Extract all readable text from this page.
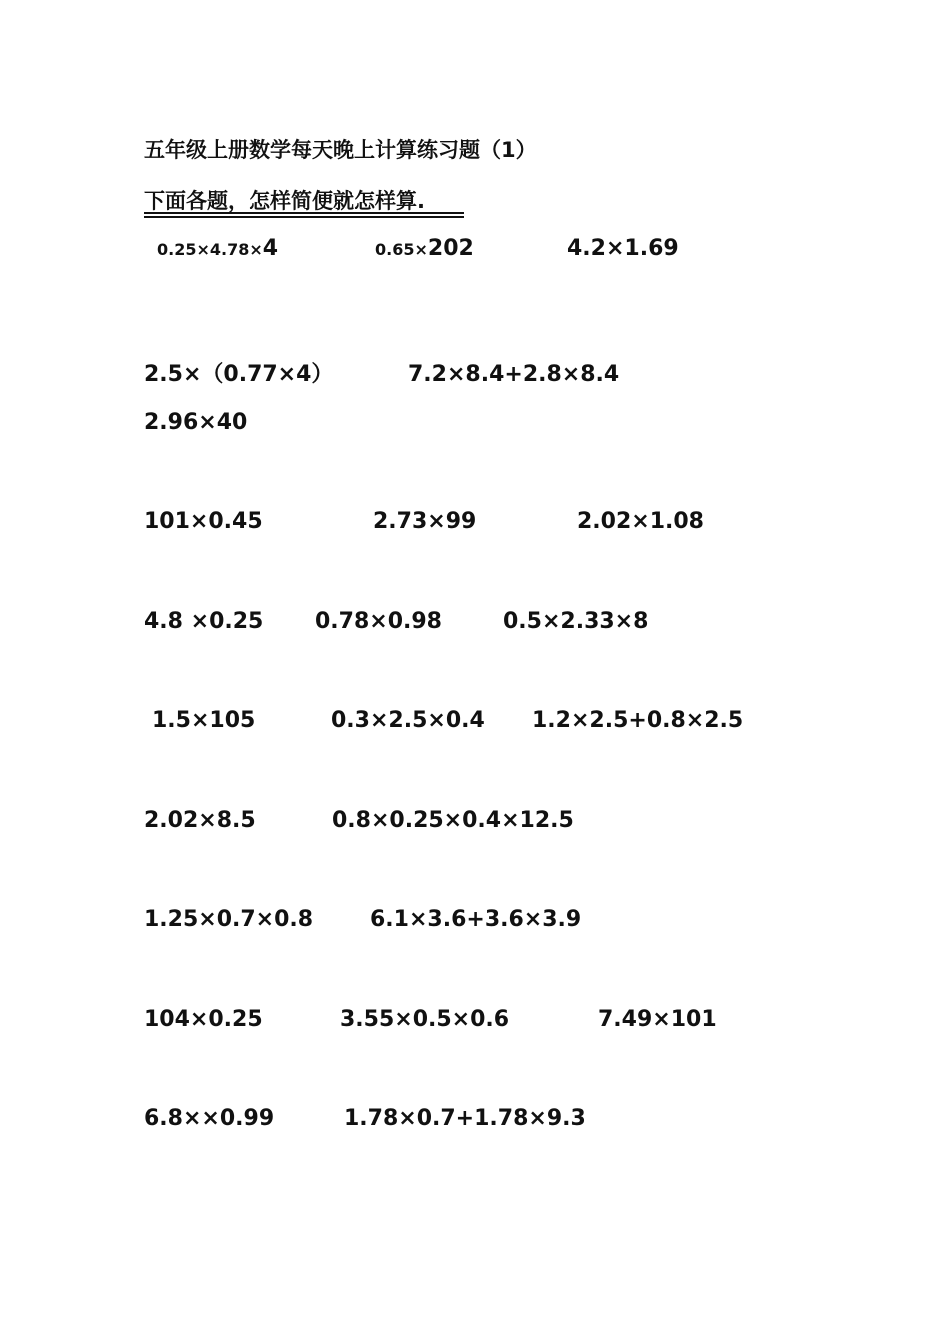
五年级上册数学每天晚上计算练习题（1）
下面各题，怎样简便就怎样算.
0.25×4.78×4	0.65×202	4.2×1.69
2.5×（0.77×4）	7.2×8.4+2.8×8.4
2.96×40
101×0.45	2.73×99	2.02×1.08
4.8 ×0.25 0.78×0.98	0.5×2.33×8
1.5×105	0.3×2.5×0.4 1.2×2.5+0.8×2.5
2.02×8.5	0.8×0.25×0.4×12.5
1.25×0.7×0.8	6.1×3.6+3.6×3.9
104×0.25	3.55×0.5×0.6	7.49×101
6.8××0.99	1.78×0.7+1.78×9.3
